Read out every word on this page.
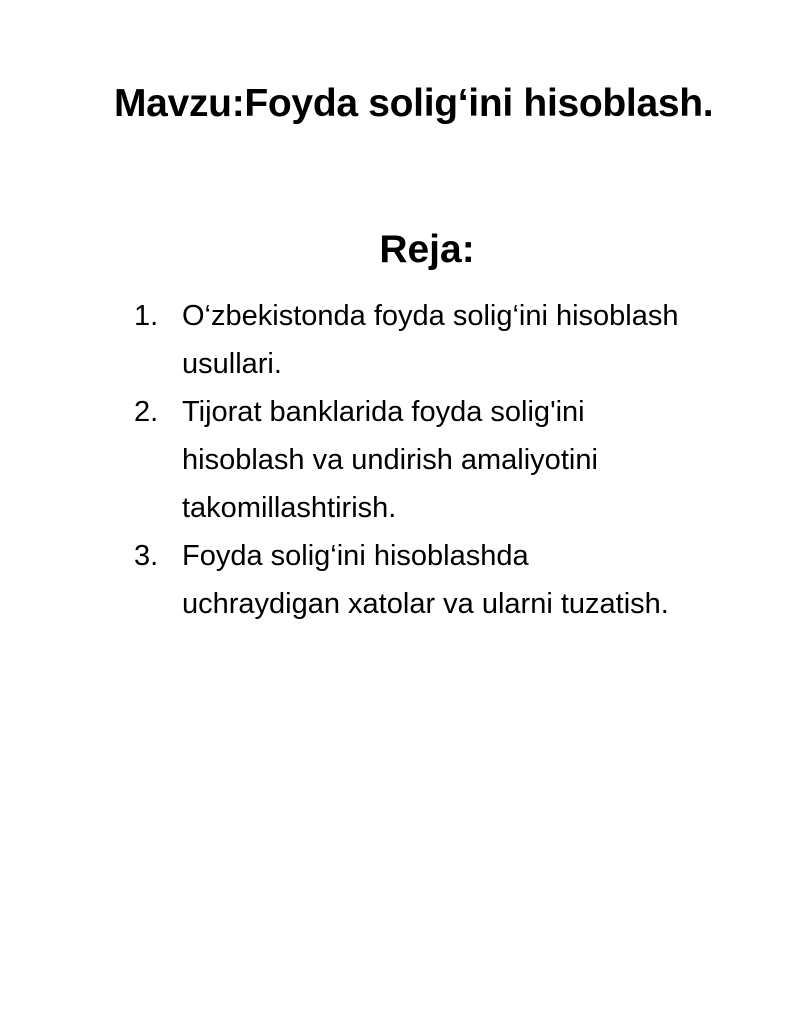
Mavzu:Foyda solig‘ini hisoblash.
Reja:
1. O‘zbekistonda foyda solig‘ini hisoblash usullari.
2. Tijorat banklarida foyda solig'ini hisoblash va undirish amaliyotini takomillashtirish.
3. Foyda solig‘ini hisoblashda uchraydigan xatolar va ularni tuzatish.
